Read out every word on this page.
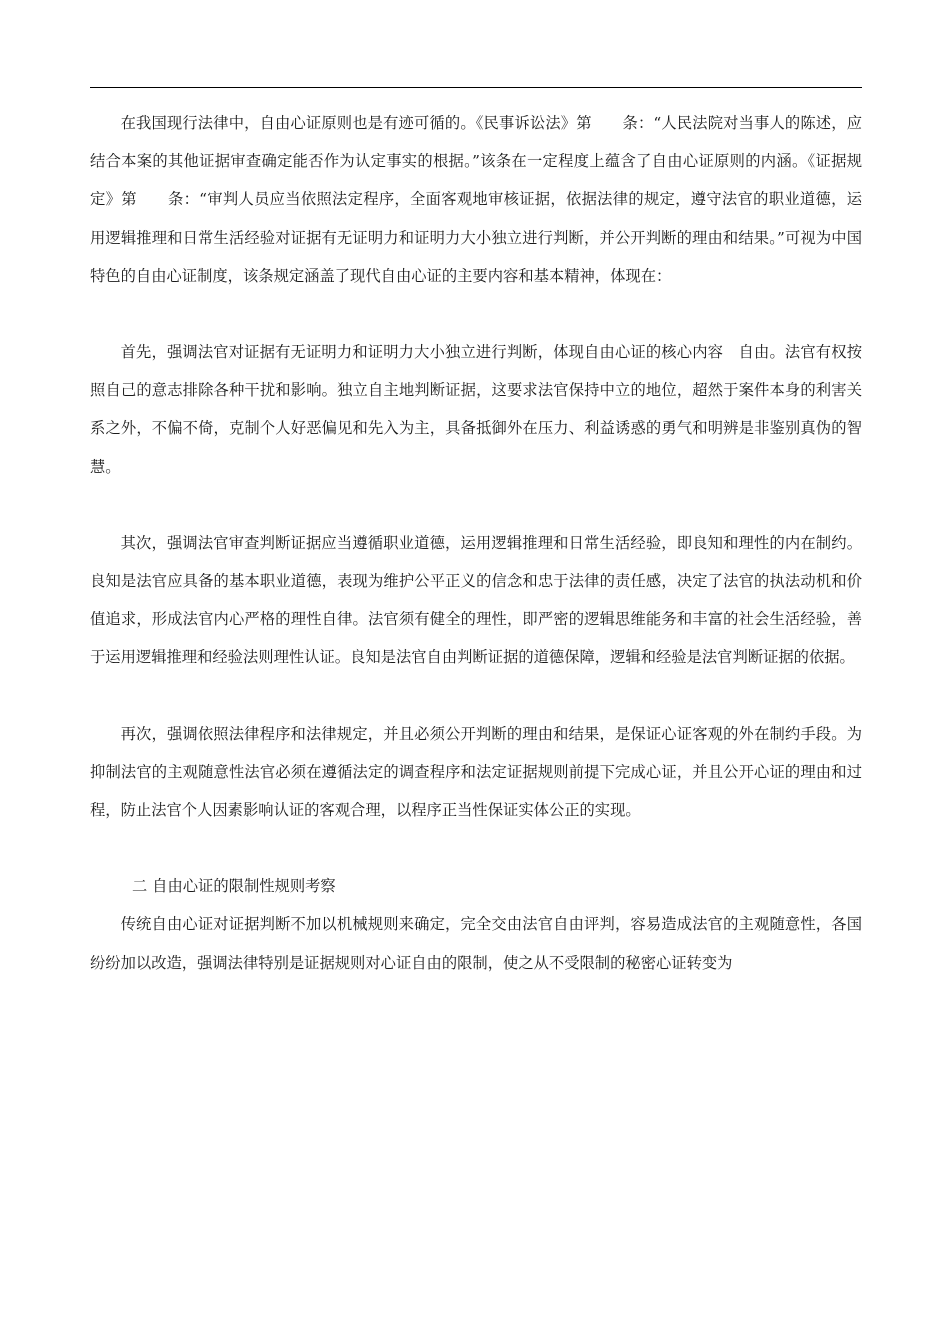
在我国现行法律中，自由心证原则也是有迹可循的。《民事诉讼法》第　　条：“人民法院对当事人的陈述，应结合本案的其他证据审查确定能否作为认定事实的根据。”该条在一定程度上蕴含了自由心证原则的内涵。《证据规定》第　　条：“审判人员应当依照法定程序，全面客观地审核证据，依据法律的规定，遵守法官的职业道德，运用逻辑推理和日常生活经验对证据有无证明力和证明力大小独立进行判断，并公开判断的理由和结果。”可视为中国特色的自由心证制度，该条规定涵盖了现代自由心证的主要内容和基本精神，体现在：

首先，强调法官对证据有无证明力和证明力大小独立进行判断，体现自由心证的核心内容　自由。法官有权按照自己的意志排除各种干扰和影响。独立自主地判断证据，这要求法官保持中立的地位，超然于案件本身的利害关系之外，不偏不倚，克制个人好恶偏见和先入为主，具备抵御外在压力、利益诱惑的勇气和明辨是非鉴别真伪的智慧。

其次，强调法官审查判断证据应当遵循职业道德，运用逻辑推理和日常生活经验，即良知和理性的内在制约。良知是法官应具备的基本职业道德，表现为维护公平正义的信念和忠于法律的责任感，决定了法官的执法动机和价值追求，形成法官内心严格的理性自律。法官须有健全的理性，即严密的逻辑思维能务和丰富的社会生活经验，善于运用逻辑推理和经验法则理性认证。良知是法官自由判断证据的道德保障，逻辑和经验是法官判断证据的依据。

再次，强调依照法律程序和法律规定，并且必须公开判断的理由和结果，是保证心证客观的外在制约手段。为抑制法官的主观随意性法官必须在遵循法定的调查程序和法定证据规则前提下完成心证，并且公开心证的理由和过程，防止法官个人因素影响认证的客观合理，以程序正当性保证实体公正的实现。

二 自由心证的限制性规则考察

传统自由心证对证据判断不加以机械规则来确定，完全交由法官自由评判，容易造成法官的主观随意性，各国纷纷加以改造，强调法律特别是证据规则对心证自由的限制，使之从不受限制的秘密心证转变为
